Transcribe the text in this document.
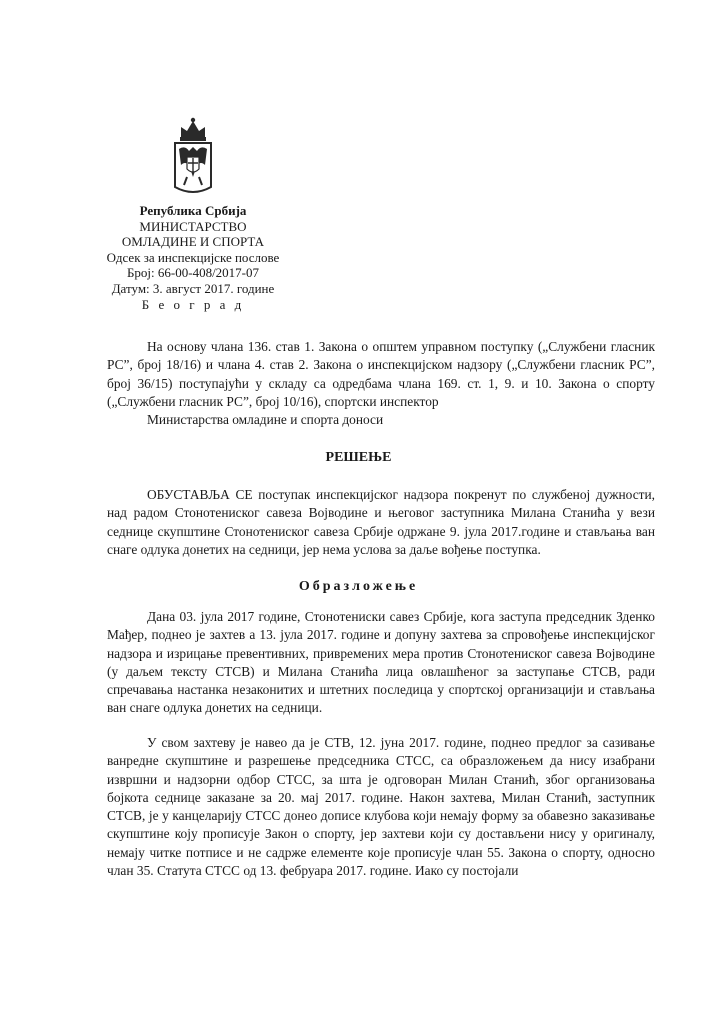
Република Србија
МИНИСТАРСТВО
ОМЛАДИНЕ И СПОРТА
Одсек за инспекцијске послове
Број: 66-00-408/2017-07
Датум: 3. август 2017. године
Б е о г р а д

На основу члана 136. став 1. Закона о општем управном поступку („Службени гласник РС”, број 18/16) и члана 4. став 2. Закона о инспекцијском надзору („Службени гласник РС”, број 36/15) поступајући у складу са одредбама члана 169. ст. 1, 9. и 10. Закона о спорту („Службени гласник РС”, број 10/16), спортски инспектор

Министарства омладине и спорта доноси

РЕШЕЊЕ

ОБУСТАВЉА СЕ поступак инспекцијског надзора покренут по службеној дужности, над радом Стонотениског савеза Војводине и његовог заступника Милана Станића у вези седнице скупштине Стонотениског савеза Србије одржане 9. јула 2017.године и стављања ван снаге одлука донетих на седници, јер нема услова за даље вођење поступка.

Образложење

Дана 03. јула 2017 године, Стонотениски савез Србије, кога заступа председник Зденко Мађер, поднео је захтев а 13. јула 2017. године и допуну захтева за спровођење инспекцијског надзора и изрицање превентивних, привремених мера против Стонотениског савеза Војводине (у даљем тексту СТСВ) и Милана Станића лица овлашћеног за заступање СТСВ, ради спречавања настанка незаконитих и штетних последица у спортској организацији и стављања ван снаге одлука донетих на седници.

У свом захтеву је навео да је СТВ, 12. јуна 2017. године, поднео предлог за сазивање ванредне скупштине и разрешење председника СТСС, са образложењем да нису изабрани извршни и надзорни одбор СТСС, за шта је одговоран Милан Станић, због организовања бојкота седнице заказане за 20. мај 2017. године. Након захтева, Милан Станић, заступник СТСВ, је у канцеларију СТСС донео дописе клубова који немају форму за обавезно заказивање скупштине коју прописује Закон о спорту, јер захтеви који су достављени нису у оригиналу, немају читке потписе и не садрже елементе које прописује члан 55. Закона о спорту, односно члан 35. Статута СТСС од 13. фебруара 2017. године. Иако су постојали
